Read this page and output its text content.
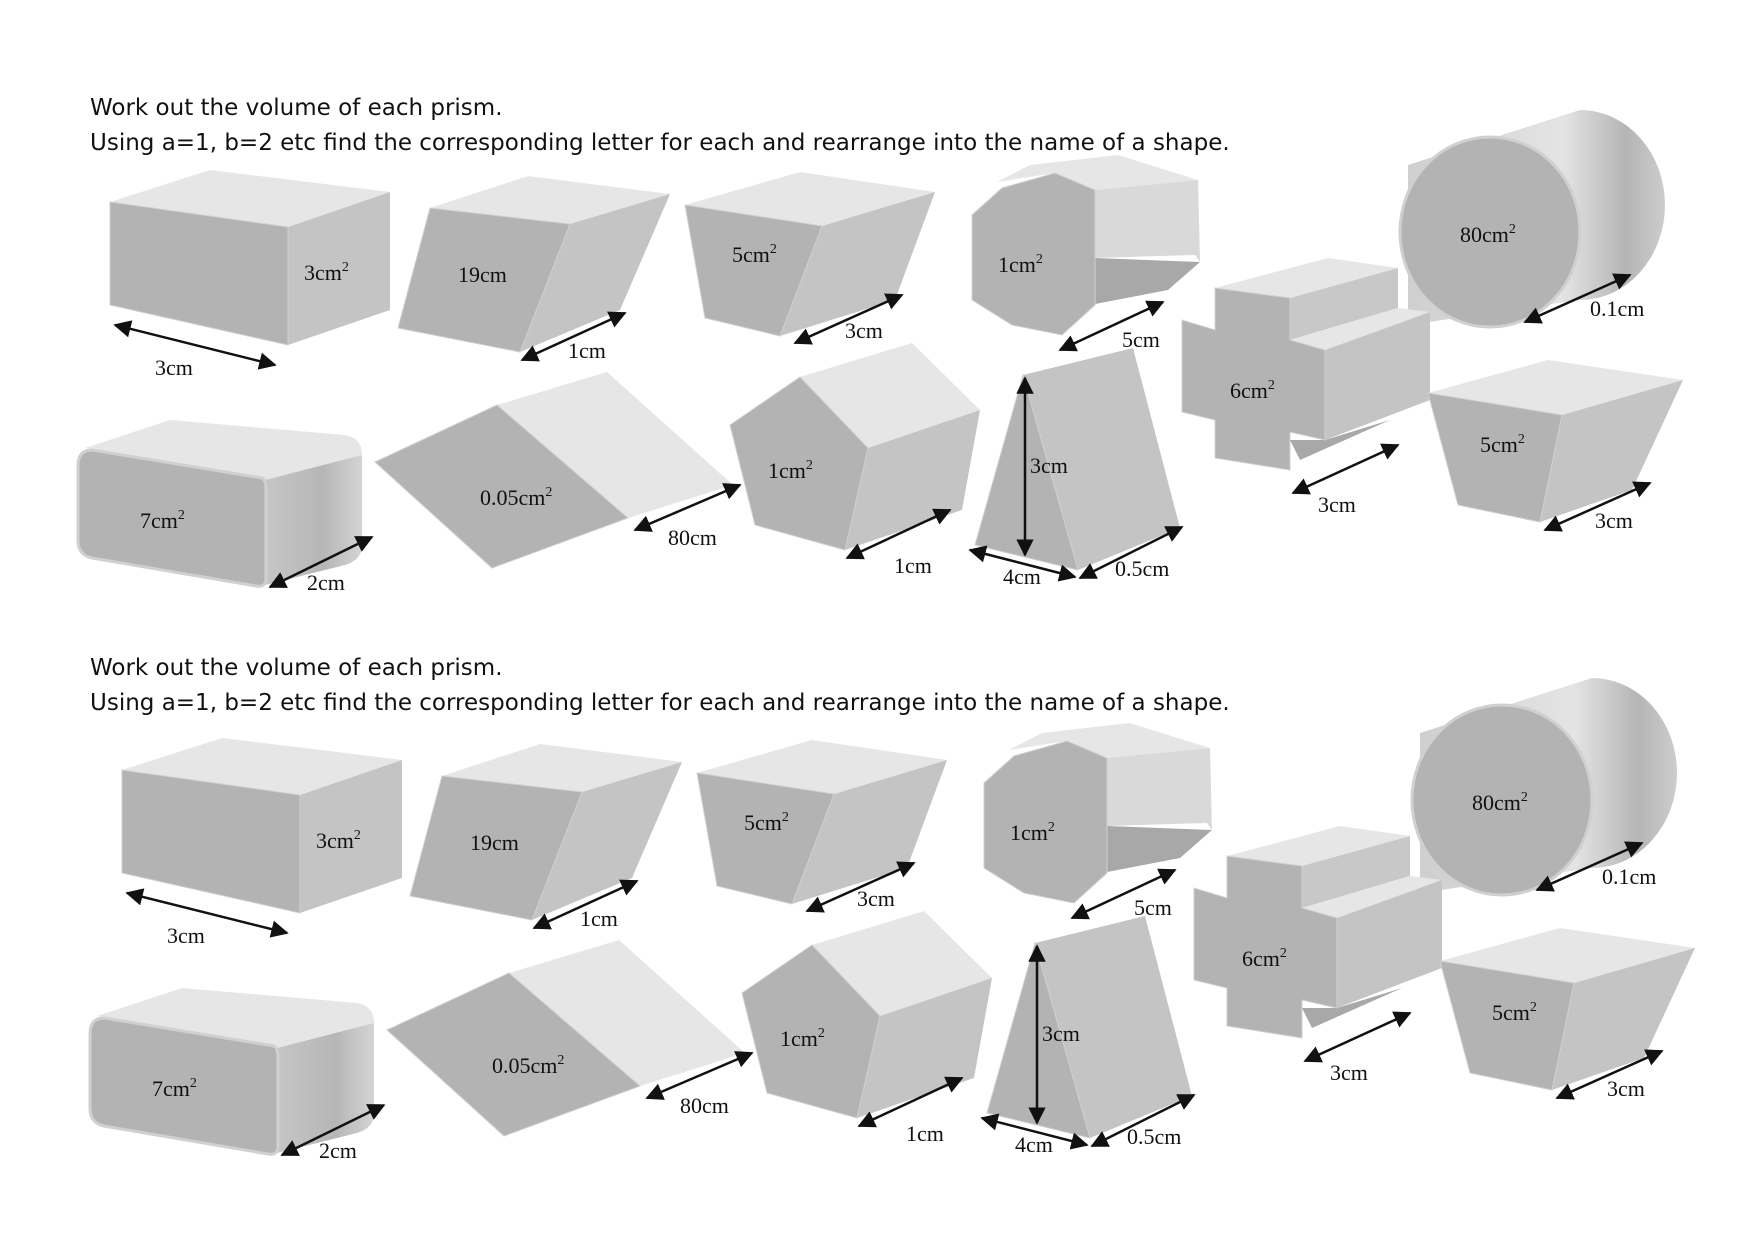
Work out the volume of each prism.
Using a=1, b=2 etc find the corresponding letter for each and rearrange into the name of a shape.
Work out the volume of each prism.
Using a=1, b=2 etc find the corresponding letter for each and rearrange into the name of a shape.
$3cm^2$
3cm
19cm
1cm
$5cm^2$
3cm
$1cm^2$
5cm
$80cm^2$
0.1cm
$7cm^2$
2cm
$0.05cm^2$
80cm
$1cm^2$
1cm
3cm
4cm	0.5cm
$6cm^2$
3cm
$5cm^2$
3cm
$3cm^2$
3cm
19cm
1cm
$5cm^2$
3cm
$1cm^2$
5cm
$80cm^2$
0.1cm
$7cm^2$
2cm
$0.05cm^2$
80cm
$1cm^2$
1cm
3cm
4cm	0.5cm
$6cm^2$
3cm
$5cm^2$
3cm
